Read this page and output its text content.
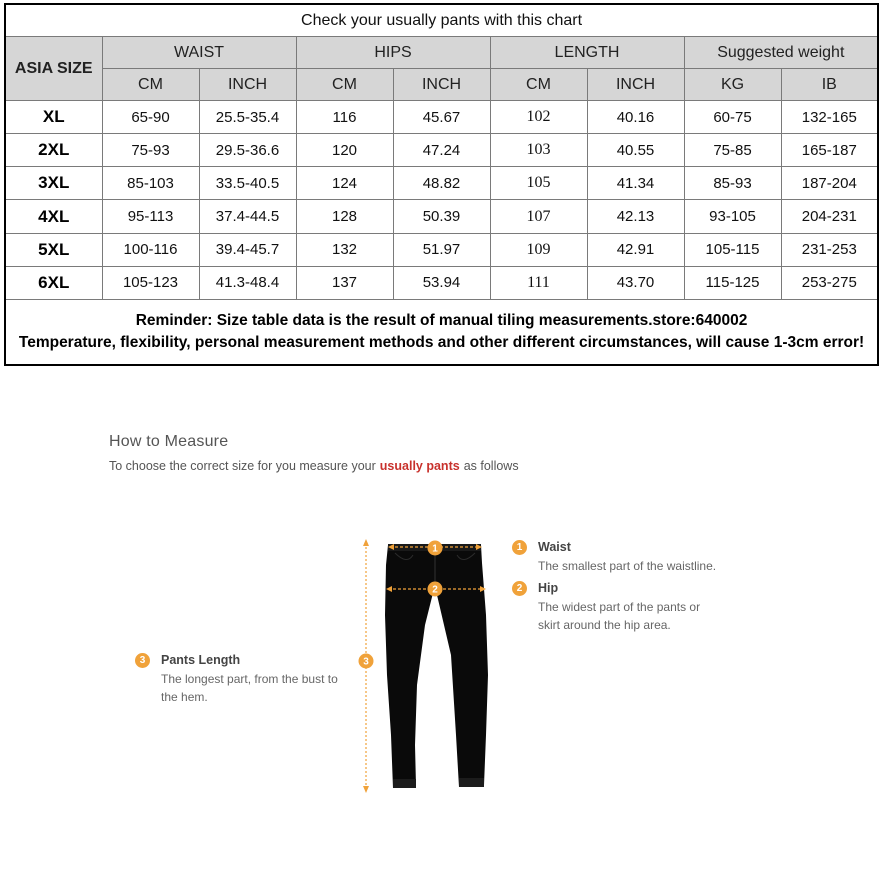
Check your usually pants with this chart								
ASIA SIZE	WAIST		HIPS		LENGTH		Suggested weight	
	CM	INCH	CM	INCH	CM	INCH	KG	IB
XL	65-90	25.5-35.4	116	45.67	102	40.16	60-75	132-165
2XL	75-93	29.5-36.6	120	47.24	103	40.55	75-85	165-187
3XL	85-103	33.5-40.5	124	48.82	105	41.34	85-93	187-204
4XL	95-113	37.4-44.5	128	50.39	107	42.13	93-105	204-231
5XL	100-116	39.4-45.7	132	51.97	109	42.91	105-115	231-253
6XL	105-123	41.3-48.4	137	53.94	111	43.70	115-125	253-275
Reminder: Size table data is the result of manual tiling measurements.store:640002
Temperature, flexibility, personal measurement methods and other different circumstances, will cause 1-3cm error!								
How to Measure
To choose the correct size for you measure your usually pants as follows
1	Waist
The smallest part of the waistline.
2	Hip
The widest part of the pants or
skirt around the hip area.
3	Pants Length
The longest part, from the bust to
the hem.
1
2
3
